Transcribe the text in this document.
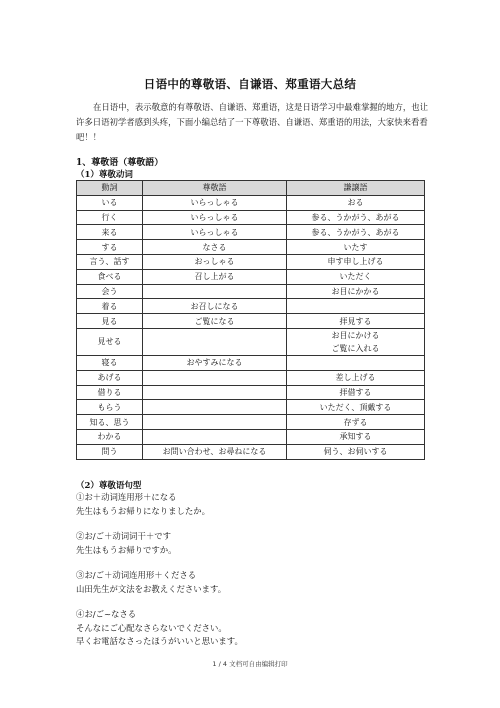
日语中的尊敬语、自谦语、郑重语大总结
在日语中，表示敬意的有尊敬语、自谦语、郑重语，这是日语学习中最难掌握的地方，也让许多日语初学者感到头疼，下面小编总结了一下尊敬语、自谦语、郑重语的用法，大家快来看看吧！！
1、尊敬语（尊敬語）
（1）尊敬动词
動詞	尊敬語	謙譲語
いる	いらっしゃる	おる
行く	いらっしゃる	参る、うかがう、あがる
来る	いらっしゃる	参る、うかがう、あがる
する	なさる	いたす
言う、話す	おっしゃる	申す申し上げる
食べる	召し上がる	いただく
会う		お目にかかる
着る	お召しになる	
見る	ご覧になる	拝見する
見せる		お目にかける
ご覧に入れる

寝る	おやすみになる	
あげる		差し上げる
借りる		拝借する
もらう		いただく、頂戴する
知る、思う		存ずる
わかる		承知する
問う	お問い合わせ、お尋ねになる	伺う、お伺いする
（2）尊敬语句型
①お＋动词连用形＋になる
先生はもうお帰りになりましたか。
②お/ご＋动词词干＋です
先生はもうお帰りですか。
③お/ご＋动词连用形＋くださる
山田先生が文法をお教えくださいます。
④お/ご~なさる
そんなにご心配なさらないでください。
早くお電話なさったほうがいいと思います。
1 / 4 文档可自由编辑打印
